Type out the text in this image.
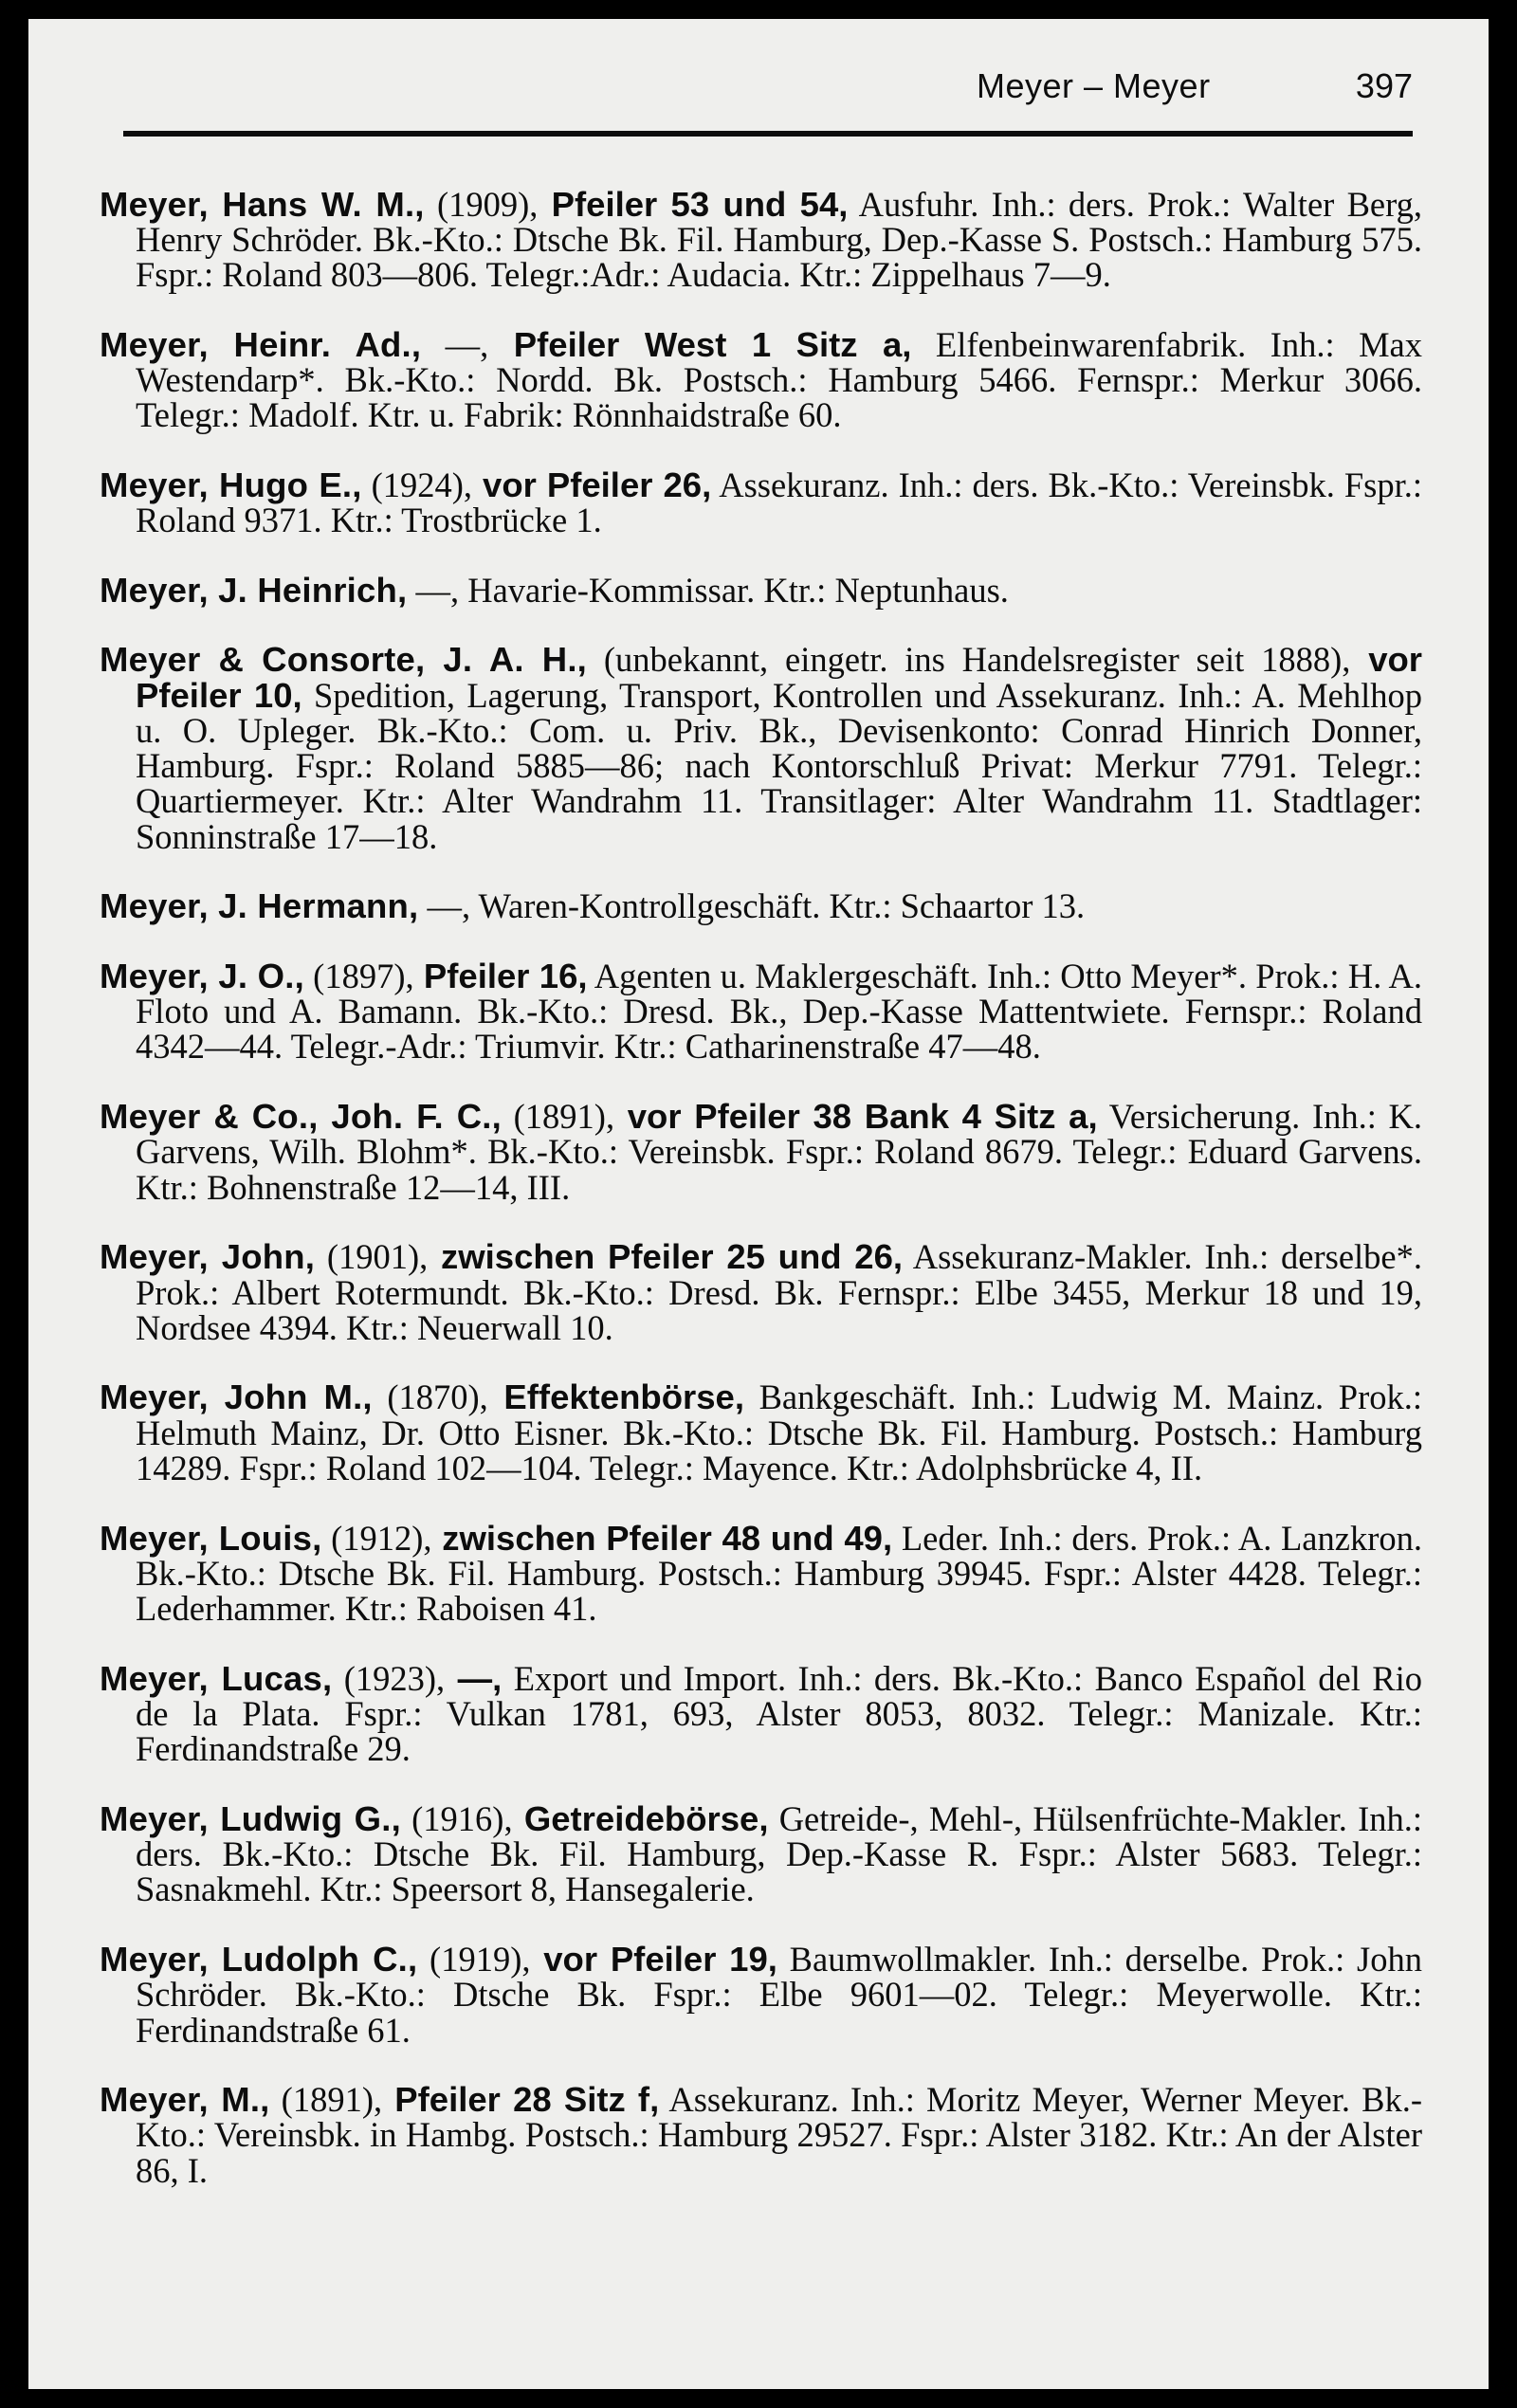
Meyer – Meyer	397

Meyer, Hans W. M., (1909), Pfeiler 53 und 54, Ausfuhr. Inh.: ders. Prok.: Walter Berg, Henry Schröder. Bk.-Kto.: Dtsche Bk. Fil. Hamburg, Dep.-Kasse S. Postsch.: Hamburg 575. Fspr.: Roland 803—806. Telegr.:Adr.: Audacia. Ktr.: Zippelhaus 7—9.

Meyer, Heinr. Ad., —, Pfeiler West 1 Sitz a, Elfenbeinwarenfabrik. Inh.: Max Westendarp*. Bk.-Kto.: Nordd. Bk. Postsch.: Hamburg 5466. Fernspr.: Merkur 3066. Telegr.: Madolf. Ktr. u. Fabrik: Rönnhaidstraße 60.

Meyer, Hugo E., (1924), vor Pfeiler 26, Assekuranz. Inh.: ders. Bk.-Kto.: Vereinsbk. Fspr.: Roland 9371. Ktr.: Trostbrücke 1.

Meyer, J. Heinrich, —, Havarie-Kommissar. Ktr.: Neptunhaus.

Meyer & Consorte, J. A. H., (unbekannt, eingetr. ins Handelsregister seit 1888), vor Pfeiler 10, Spedition, Lagerung, Transport, Kontrollen und Assekuranz. Inh.: A. Mehlhop u. O. Upleger. Bk.-Kto.: Com. u. Priv. Bk., Devisenkonto: Conrad Hinrich Donner, Hamburg. Fspr.: Roland 5885—86; nach Kontorschluß Privat: Merkur 7791. Telegr.: Quartiermeyer. Ktr.: Alter Wandrahm 11. Transitlager: Alter Wandrahm 11. Stadtlager: Sonninstraße 17—18.

Meyer, J. Hermann, —, Waren-Kontrollgeschäft. Ktr.: Schaartor 13.

Meyer, J. O., (1897), Pfeiler 16, Agenten u. Maklergeschäft. Inh.: Otto Meyer*. Prok.: H. A. Floto und A. Bamann. Bk.-Kto.: Dresd. Bk., Dep.-Kasse Mattentwiete. Fernspr.: Roland 4342—44. Telegr.-Adr.: Triumvir. Ktr.: Catharinenstraße 47—48.

Meyer & Co., Joh. F. C., (1891), vor Pfeiler 38 Bank 4 Sitz a, Versicherung. Inh.: K. Garvens, Wilh. Blohm*. Bk.-Kto.: Vereinsbk. Fspr.: Roland 8679. Telegr.: Eduard Garvens. Ktr.: Bohnenstraße 12—14, III.

Meyer, John, (1901), zwischen Pfeiler 25 und 26, Assekuranz-Makler. Inh.: derselbe*. Prok.: Albert Rotermundt. Bk.-Kto.: Dresd. Bk. Fernspr.: Elbe 3455, Merkur 18 und 19, Nordsee 4394. Ktr.: Neuerwall 10.

Meyer, John M., (1870), Effektenbörse, Bankgeschäft. Inh.: Ludwig M. Mainz. Prok.: Helmuth Mainz, Dr. Otto Eisner. Bk.-Kto.: Dtsche Bk. Fil. Hamburg. Postsch.: Hamburg 14289. Fspr.: Roland 102—104. Telegr.: Mayence. Ktr.: Adolphsbrücke 4, II.

Meyer, Louis, (1912), zwischen Pfeiler 48 und 49, Leder. Inh.: ders. Prok.: A. Lanzkron. Bk.-Kto.: Dtsche Bk. Fil. Hamburg. Postsch.: Hamburg 39945. Fspr.: Alster 4428. Telegr.: Lederhammer. Ktr.: Raboisen 41.

Meyer, Lucas, (1923), —, Export und Import. Inh.: ders. Bk.-Kto.: Banco Español del Rio de la Plata. Fspr.: Vulkan 1781, 693, Alster 8053, 8032. Telegr.: Manizale. Ktr.: Ferdinandstraße 29.

Meyer, Ludwig G., (1916), Getreidebörse, Getreide-, Mehl-, Hülsenfrüchte-Makler. Inh.: ders. Bk.-Kto.: Dtsche Bk. Fil. Hamburg, Dep.-Kasse R. Fspr.: Alster 5683. Telegr.: Sasnakmehl. Ktr.: Speersort 8, Hansegalerie.

Meyer, Ludolph C., (1919), vor Pfeiler 19, Baumwollmakler. Inh.: derselbe. Prok.: John Schröder. Bk.-Kto.: Dtsche Bk. Fspr.: Elbe 9601—02. Telegr.: Meyerwolle. Ktr.: Ferdinandstraße 61.

Meyer, M., (1891), Pfeiler 28 Sitz f, Assekuranz. Inh.: Moritz Meyer, Werner Meyer. Bk.-Kto.: Vereinsbk. in Hambg. Postsch.: Hamburg 29527. Fspr.: Alster 3182. Ktr.: An der Alster 86, I.
